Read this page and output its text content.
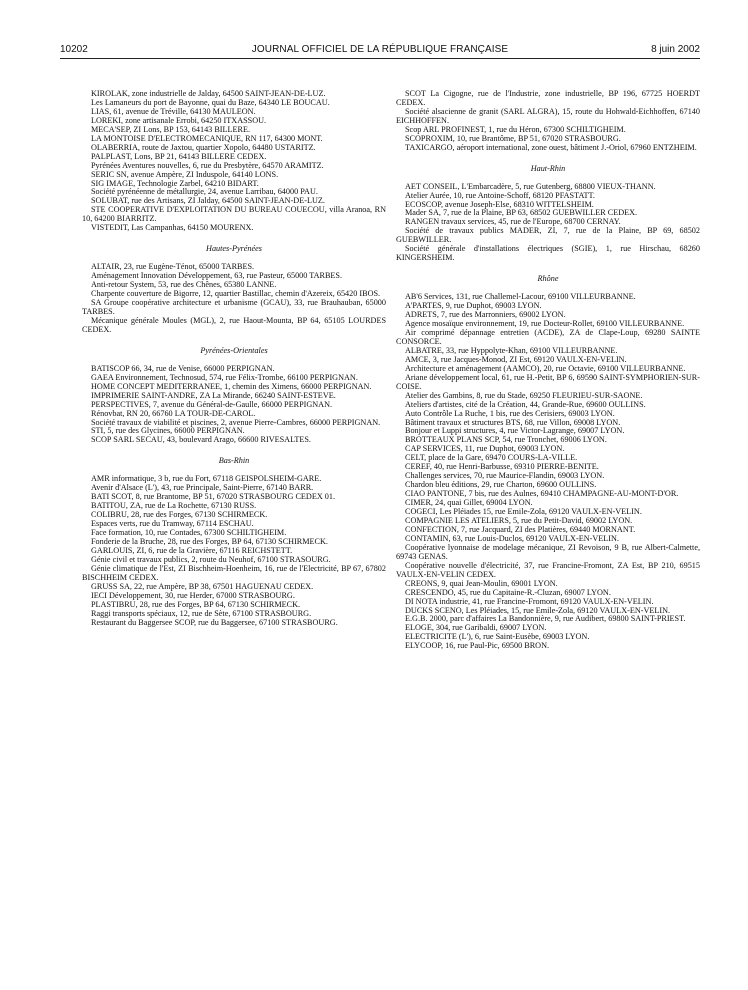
10202	JOURNAL OFFICIEL DE LA RÉPUBLIQUE FRANÇAISE	8 juin 2002

KIROLAK, zone industrielle de Jalday, 64500 SAINT-JEAN-DE-LUZ.

Les Lamaneurs du port de Bayonne, quai du Baze, 64340 LE BOUCAU.

LIAS, 61, avenue de Tréville, 64130 MAULEON.

LOREKI, zone artisanale Errobi, 64250 ITXASSOU.

MECA'SEP, ZI Lons, BP 153, 64143 BILLERE.

LA MONTOISE D'ELECTROMECANIQUE, RN 117, 64300 MONT.

OLABERRIA, route de Jaxtou, quartier Xopolo, 64480 USTARITZ.

PALPLAST, Lons, BP 21, 64143 BILLERE CEDEX.

Pyrénées Aventures nouvelles, 6, rue du Presbytère, 64570 ARAMITZ.

SERIC SN, avenue Ampère, ZI Induspole, 64140 LONS.

SIG IMAGE, Technologie Zarbel, 64210 BIDART.

Société pyrénéenne de métallurgie, 24, avenue Larribau, 64000 PAU.

SOLUBAT, rue des Artisans, ZI Jalday, 64500 SAINT-JEAN-DE-LUZ.

STE COOPERATIVE D'EXPLOITATION DU BUREAU COUECOU, villa Aranoa, RN 10, 64200 BIARRITZ.

VISTEDIT, Las Campanhas, 64150 MOURENX.

Hautes-Pyrénées

ALTAIR, 23, rue Eugène-Ténot, 65000 TARBES.

Aménagement Innovation Développement, 63, rue Pasteur, 65000 TARBES.

Anti-retour System, 53, rue des Chênes, 65380 LANNE.

Charpente couverture de Bigorre, 12, quartier Bastillac, chemin d'Azereix, 65420 IBOS.

SA Groupe coopérative architecture et urbanisme (GCAU), 33, rue Brauhauban, 65000 TARBES.

Mécanique générale Moules (MGL), 2, rue Haout-Mounta, BP 64, 65105 LOURDES CEDEX.

Pyrénées-Orientales

BATISCOP 66, 34, rue de Venise, 66000 PERPIGNAN.

GAEA Environnement, Technosud, 574, rue Félix-Trombe, 66100 PERPIGNAN.

HOME CONCEPT MEDITERRANEE, 1, chemin des Ximens, 66000 PERPIGNAN.

IMPRIMERIE SAINT-ANDRE, ZA La Mirande, 66240 SAINT-ESTEVE.

PERSPECTIVES, 7, avenue du Général-de-Gaulle, 66000 PERPIGNAN.

Rénovbat, RN 20, 66760 LA TOUR-DE-CAROL.

Société travaux de viabilité et piscines, 2, avenue Pierre-Cambres, 66000 PERPIGNAN.

STI, 5, rue des Glycines, 66000 PERPIGNAN.

SCOP SARL SECAU, 43, boulevard Arago, 66600 RIVESALTES.

Bas-Rhin

AMR informatique, 3 b, rue du Fort, 67118 GEISPOLSHEIM-GARE.

Avenir d'Alsace (L'), 43, rue Principale, Saint-Pierre, 67140 BARR.

BATI SCOT, 8, rue Brantome, BP 51, 67020 STRASBOURG CEDEX 01.

BATITOU, ZA, rue de La Rochette, 67130 RUSS.

COLIBRU, 28, rue des Forges, 67130 SCHIRMECK.

Espaces verts, rue du Tramway, 67114 ESCHAU.

Face formation, 10, rue Contades, 67300 SCHILTIGHEIM.

Fonderie de la Bruche, 28, rue des Forges, BP 64, 67130 SCHIRMECK.

GARLOUIS, ZI, 6, rue de la Gravière, 67116 REICHSTETT.

Génie civil et travaux publics, 2, route du Neuhof, 67100 STRASOURG.

Génie climatique de l'Est, ZI Bischheim-Hoenheim, 16, rue de l'Electricité, BP 67, 67802 BISCHHEIM CEDEX.

GRUSS SA, 22, rue Ampère, BP 38, 67501 HAGUENAU CEDEX.

IECI Développement, 30, rue Herder, 67000 STRASBOURG.

PLASTIBRU, 28, rue des Forges, BP 64, 67130 SCHIRMECK.

Raggi transports spéciaux, 12, rue de Sète, 67100 STRASBOURG.

Restaurant du Baggersee SCOP, rue du Baggersee, 67100 STRASBOURG.

SCOT La Cigogne, rue de l'Industrie, zone industrielle, BP 196, 67725 HOERDT CEDEX.

Société alsacienne de granit (SARL ALGRA), 15, route du Hohwald-Eichhoffen, 67140 EICHHOFFEN.

Scop ARL PROFINEST, 1, rue du Héron, 67300 SCHILTIGHEIM.

SCOPROXIM, 10, rue Brantôme, BP 51, 67020 STRASBOURG.

TAXICARGO, aéroport international, zone ouest, bâtiment J.-Oriol, 67960 ENTZHEIM.

Haut-Rhin

AET CONSEIL, L'Embarcadère, 5, rue Gutenberg, 68800 VIEUX-THANN.

Atelier Aurée, 10, rue Antoine-Schoff, 68120 PFASTATT.

ECOSCOP, avenue Joseph-Else, 68310 WITTELSHEIM.

Mader SA, 7, rue de la Plaine, BP 63, 68502 GUEBWILLER CEDEX.

RANGEN travaux services, 45, rue de l'Europe, 68700 CERNAY.

Société de travaux publics MADER, ZI, 7, rue de la Plaine, BP 69, 68502 GUEBWILLER.

Société générale d'installations électriques (SGIE), 1, rue Hirschau, 68260 KINGERSHEIM.

Rhône

AB'6 Services, 131, rue Challemel-Lacour, 69100 VILLEURBANNE.

A'PARTES, 9, rue Duphot, 69003 LYON.

ADRETS, 7, rue des Marronniers, 69002 LYON.

Agence mosaïque environnement, 19, rue Docteur-Rollet, 69100 VILLEURBANNE.

Air comprimé dépannage entretien (ACDE), ZA de Clape-Loup, 69280 SAINTE CONSORCE.

ALBATRE, 33, rue Hyppolyte-Khan, 69100 VILLEURBANNE.

AMCE, 3, rue Jacques-Monod, ZI Est, 69120 VAULX-EN-VELIN.

Architecture et aménagement (AAMCO), 20, rue Octavie, 69100 VILLEURBANNE.

Ariane développement local, 61, rue H.-Petit, BP 6, 69590 SAINT-SYMPHORIEN-SUR-COISE.

Atelier des Gambins, 8, rue du Stade, 69250 FLEURIEU-SUR-SAONE.

Ateliers d'artistes, cité de la Création, 44, Grande-Rue, 69600 OULLINS.

Auto Contrôle La Ruche, 1 bis, rue des Cerisiers, 69003 LYON.

Bâtiment travaux et structures BTS, 68, rue Villon, 69008 LYON.

Bonjour et Luppi structures, 4, rue Victor-Lagrange, 69007 LYON.

BROTTEAUX PLANS SCP, 54, rue Tronchet, 69006 LYON.

CAP SERVICES, 11, rue Duphot, 69003 LYON.

CELT, place de la Gare, 69470 COURS-LA-VILLE.

CEREF, 40, rue Henri-Barbusse, 69310 PIERRE-BENITE.

Challenges services, 70, rue Maurice-Flandin, 69003 LYON.

Chardon bleu éditions, 29, rue Charton, 69600 OULLINS.

CIAO PANTONE, 7 bis, rue des Aulnes, 69410 CHAMPAGNE-AU-MONT-D'OR.

CIMER, 24, quai Gillet, 69004 LYON.

COGECI, Les Pléiades 15, rue Emile-Zola, 69120 VAULX-EN-VELIN.

COMPAGNIE LES ATELIERS, 5, rue du Petit-David, 69002 LYON.

CONFECTION, 7, rue Jacquard, ZI des Platières, 69440 MORNANT.

CONTAMIN, 63, rue Louis-Duclos, 69120 VAULX-EN-VELIN.

Coopérative lyonnaise de modelage mécanique, ZI Revoison, 9 B, rue Albert-Calmette, 69743 GENAS.

Coopérative nouvelle d'électricité, 37, rue Francine-Fromont, ZA Est, BP 210, 69515 VAULX-EN-VELIN CEDEX.

CREONS, 9, quai Jean-Moulin, 69001 LYON.

CRESCENDO, 45, rue du Capitaine-R.-Cluzan, 69007 LYON.

DI NOTA industrie, 41, rue Francine-Fromont, 69120 VAULX-EN-VELIN.

DUCKS SCENO, Les Pléiades, 15, rue Emile-Zola, 69120 VAULX-EN-VELIN.

E.G.B. 2000, parc d'affaires La Bandonnière, 9, rue Audibert, 69800 SAINT-PRIEST.

ELOGE, 304, rue Garibaldi, 69007 LYON.

ELECTRICITE (L'), 6, rue Saint-Eusèbe, 69003 LYON.

ELYCOOP, 16, rue Paul-Pic, 69500 BRON.
